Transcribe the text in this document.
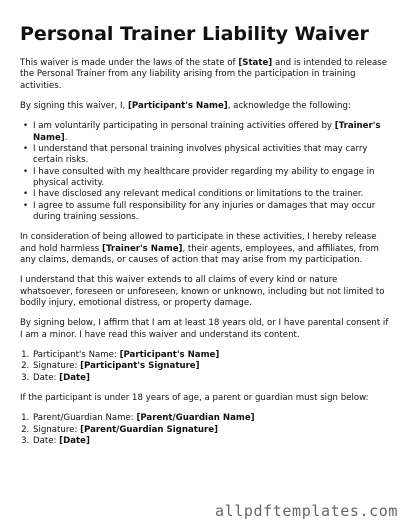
Personal Trainer Liability Waiver

This waiver is made under the laws of the state of [State] and is intended to release the Personal Trainer from any liability arising from the participation in training activities.

By signing this waiver, I, [Participant's Name], acknowledge the following:

• I am voluntarily participating in personal training activities offered by [Trainer's Name].
• I understand that personal training involves physical activities that may carry certain risks.
• I have consulted with my healthcare provider regarding my ability to engage in physical activity.
• I have disclosed any relevant medical conditions or limitations to the trainer.
• I agree to assume full responsibility for any injuries or damages that may occur during training sessions.

In consideration of being allowed to participate in these activities, I hereby release and hold harmless [Trainer's Name], their agents, employees, and affiliates, from any claims, demands, or causes of action that may arise from my participation.

I understand that this waiver extends to all claims of every kind or nature whatsoever, foreseen or unforeseen, known or unknown, including but not limited to bodily injury, emotional distress, or property damage.

By signing below, I affirm that I am at least 18 years old, or I have parental consent if I am a minor. I have read this waiver and understand its content.

1. Participant's Name: [Participant's Name]
2. Signature: [Participant's Signature]
3. Date: [Date]

If the participant is under 18 years of age, a parent or guardian must sign below:

1. Parent/Guardian Name: [Parent/Guardian Name]
2. Signature: [Parent/Guardian Signature]
3. Date: [Date]
allpdftemplates.com
